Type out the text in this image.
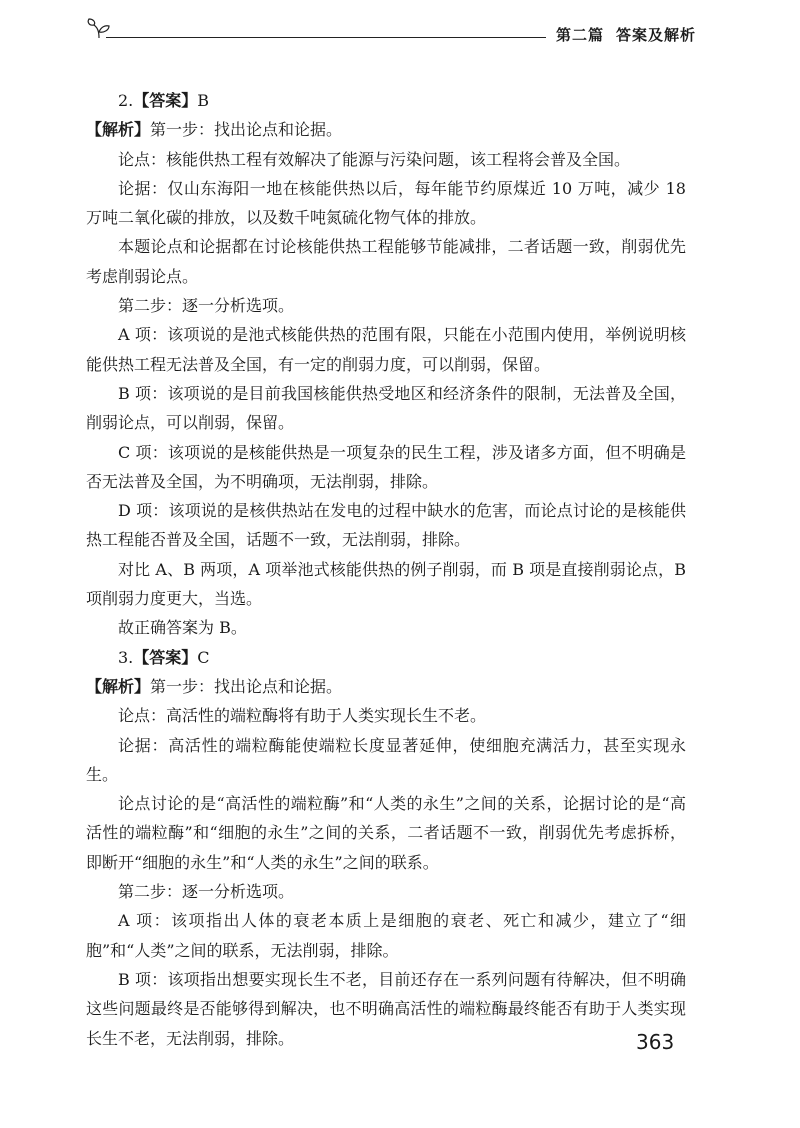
第二篇 答案及解析

2.【答案】B

【解析】第一步：找出论点和论据。

论点：核能供热工程有效解决了能源与污染问题，该工程将会普及全国。

论据：仅山东海阳一地在核能供热以后，每年能节约原煤近 10 万吨，减少 18 万吨二氧化碳的排放，以及数千吨氮硫化物气体的排放。

本题论点和论据都在讨论核能供热工程能够节能减排，二者话题一致，削弱优先考虑削弱论点。

第二步：逐一分析选项。

A 项：该项说的是池式核能供热的范围有限，只能在小范围内使用，举例说明核能供热工程无法普及全国，有一定的削弱力度，可以削弱，保留。

B 项：该项说的是目前我国核能供热受地区和经济条件的限制，无法普及全国，削弱论点，可以削弱，保留。

C 项：该项说的是核能供热是一项复杂的民生工程，涉及诸多方面，但不明确是否无法普及全国，为不明确项，无法削弱，排除。

D 项：该项说的是核供热站在发电的过程中缺水的危害，而论点讨论的是核能供热工程能否普及全国，话题不一致，无法削弱，排除。

对比 A、B 两项，A 项举池式核能供热的例子削弱，而 B 项是直接削弱论点，B 项削弱力度更大，当选。

故正确答案为 B。

3.【答案】C

【解析】第一步：找出论点和论据。

论点：高活性的端粒酶将有助于人类实现长生不老。

论据：高活性的端粒酶能使端粒长度显著延伸，使细胞充满活力，甚至实现永生。

论点讨论的是“高活性的端粒酶”和“人类的永生”之间的关系，论据讨论的是“高活性的端粒酶”和“细胞的永生”之间的关系，二者话题不一致，削弱优先考虑拆桥，即断开“细胞的永生”和“人类的永生”之间的联系。

第二步：逐一分析选项。

A 项：该项指出人体的衰老本质上是细胞的衰老、死亡和减少，建立了“细胞”和“人类”之间的联系，无法削弱，排除。

B 项：该项指出想要实现长生不老，目前还存在一系列问题有待解决，但不明确这些问题最终是否能够得到解决，也不明确高活性的端粒酶最终能否有助于人类实现长生不老，无法削弱，排除。	363
